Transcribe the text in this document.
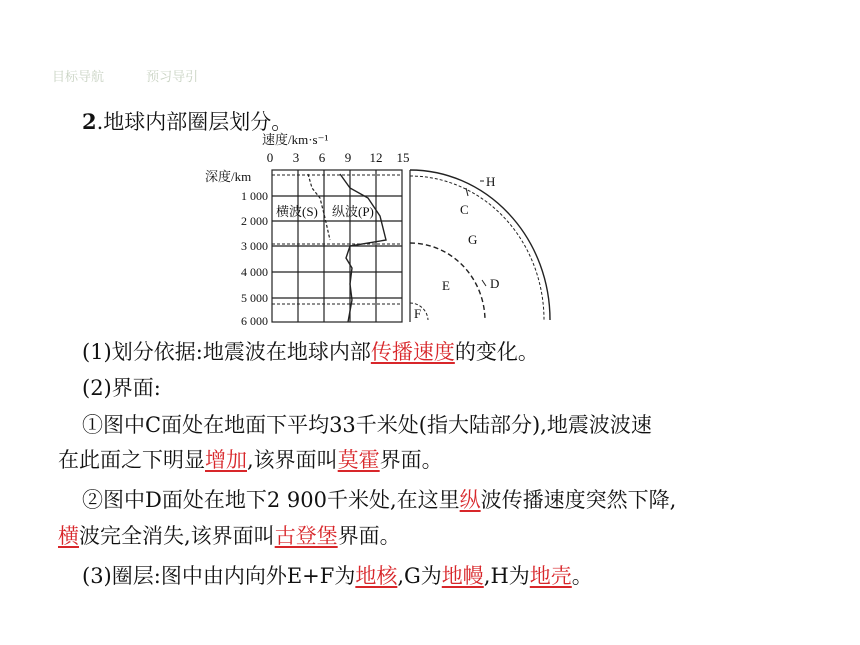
目标导航	预习导引
2.地球内部圈层划分。
速度/km·s⁻¹
0 3 6 9 12 15
深度/km
1 000
2 000
3 000
4 000
5 000
6 000
横波(S) 纵波(P)
H
C
G
E	D
F
(1)划分依据:地震波在地球内部传播速度的变化。
(2)界面:
①图中C面处在地面下平均33千米处(指大陆部分),地震波波速
在此面之下明显增加,该界面叫莫霍界面。
②图中D面处在地下2 900千米处,在这里纵波传播速度突然下降,
横波完全消失,该界面叫古登堡界面。
(3)圈层:图中由内向外E+F为地核,G为地幔,H为地壳。
